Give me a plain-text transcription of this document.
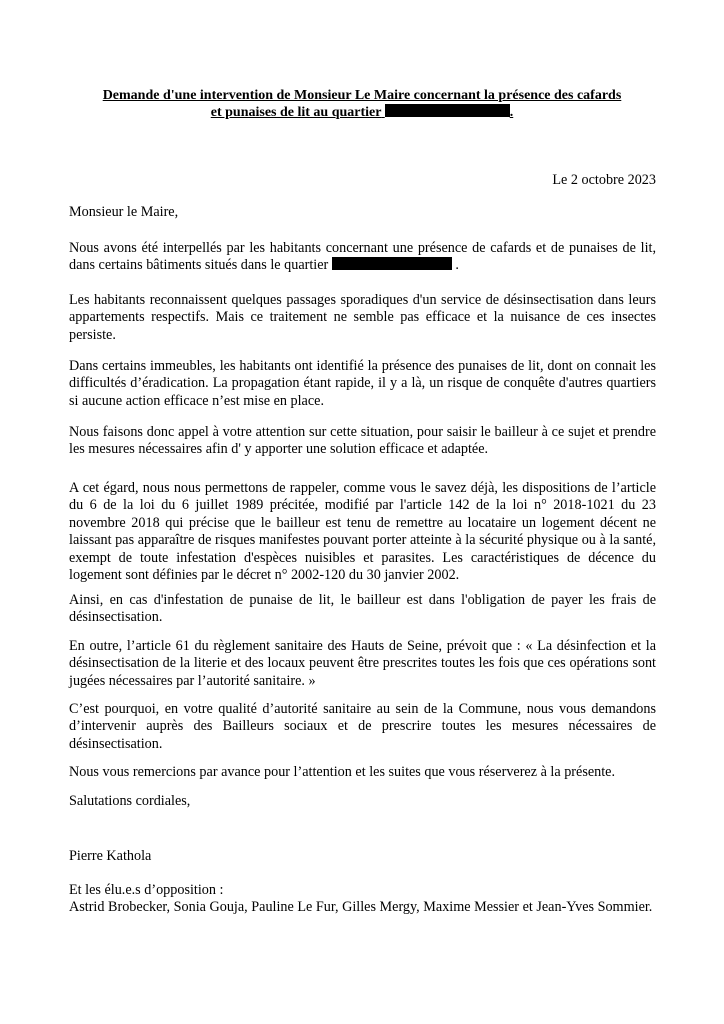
Demande d'une intervention de Monsieur Le Maire concernant la présence des cafards
et punaises de lit au quartier	.
Le 2 octobre 2023
Monsieur le Maire,
Nous avons été interpellés par les habitants concernant une présence de cafards et de punaises de lit, dans certains bâtiments situés dans le quartier	.
Les habitants reconnaissent quelques passages sporadiques d'un service de désinsectisation dans leurs appartements respectifs. Mais ce traitement ne semble pas efficace et la nuisance de ces insectes persiste.
Dans certains immeubles, les habitants ont identifié la présence des punaises de lit, dont on connait les difficultés d’éradication. La propagation étant rapide, il y a là, un risque de conquête d'autres quartiers si aucune action efficace n’est mise en place.
Nous faisons donc appel à votre attention sur cette situation, pour saisir le bailleur à ce sujet et prendre les mesures nécessaires afin d' y apporter une solution efficace et adaptée.
A cet égard, nous nous permettons de rappeler, comme vous le savez déjà, les dispositions de l’article du 6 de la loi du 6 juillet 1989 précitée, modifié par l'article 142 de la loi n° 2018-1021 du 23 novembre 2018 qui précise que le bailleur est tenu de remettre au locataire un logement décent ne laissant pas apparaître de risques manifestes pouvant porter atteinte à la sécurité physique ou à la santé, exempt de toute infestation d'espèces nuisibles et parasites. Les caractéristiques de décence du logement sont définies par le décret n° 2002-120 du 30 janvier 2002.
Ainsi, en cas d'infestation de punaise de lit, le bailleur est dans l'obligation de payer les frais de désinsectisation.
En outre, l’article 61 du règlement sanitaire des Hauts de Seine, prévoit que : « La désinfection et la désinsectisation de la literie et des locaux peuvent être prescrites toutes les fois que ces opérations sont jugées nécessaires par l’autorité sanitaire. »
C’est pourquoi, en votre qualité d’autorité sanitaire au sein de la Commune, nous vous demandons d’intervenir auprès des Bailleurs sociaux et de prescrire toutes les mesures nécessaires de désinsectisation.
Nous vous remercions par avance pour l’attention et les suites que vous réserverez à la présente.
Salutations cordiales,
Pierre Kathola
Et les élu.e.s d’opposition :
Astrid Brobecker, Sonia Gouja, Pauline Le Fur, Gilles Mergy, Maxime Messier et Jean-Yves Sommier.
